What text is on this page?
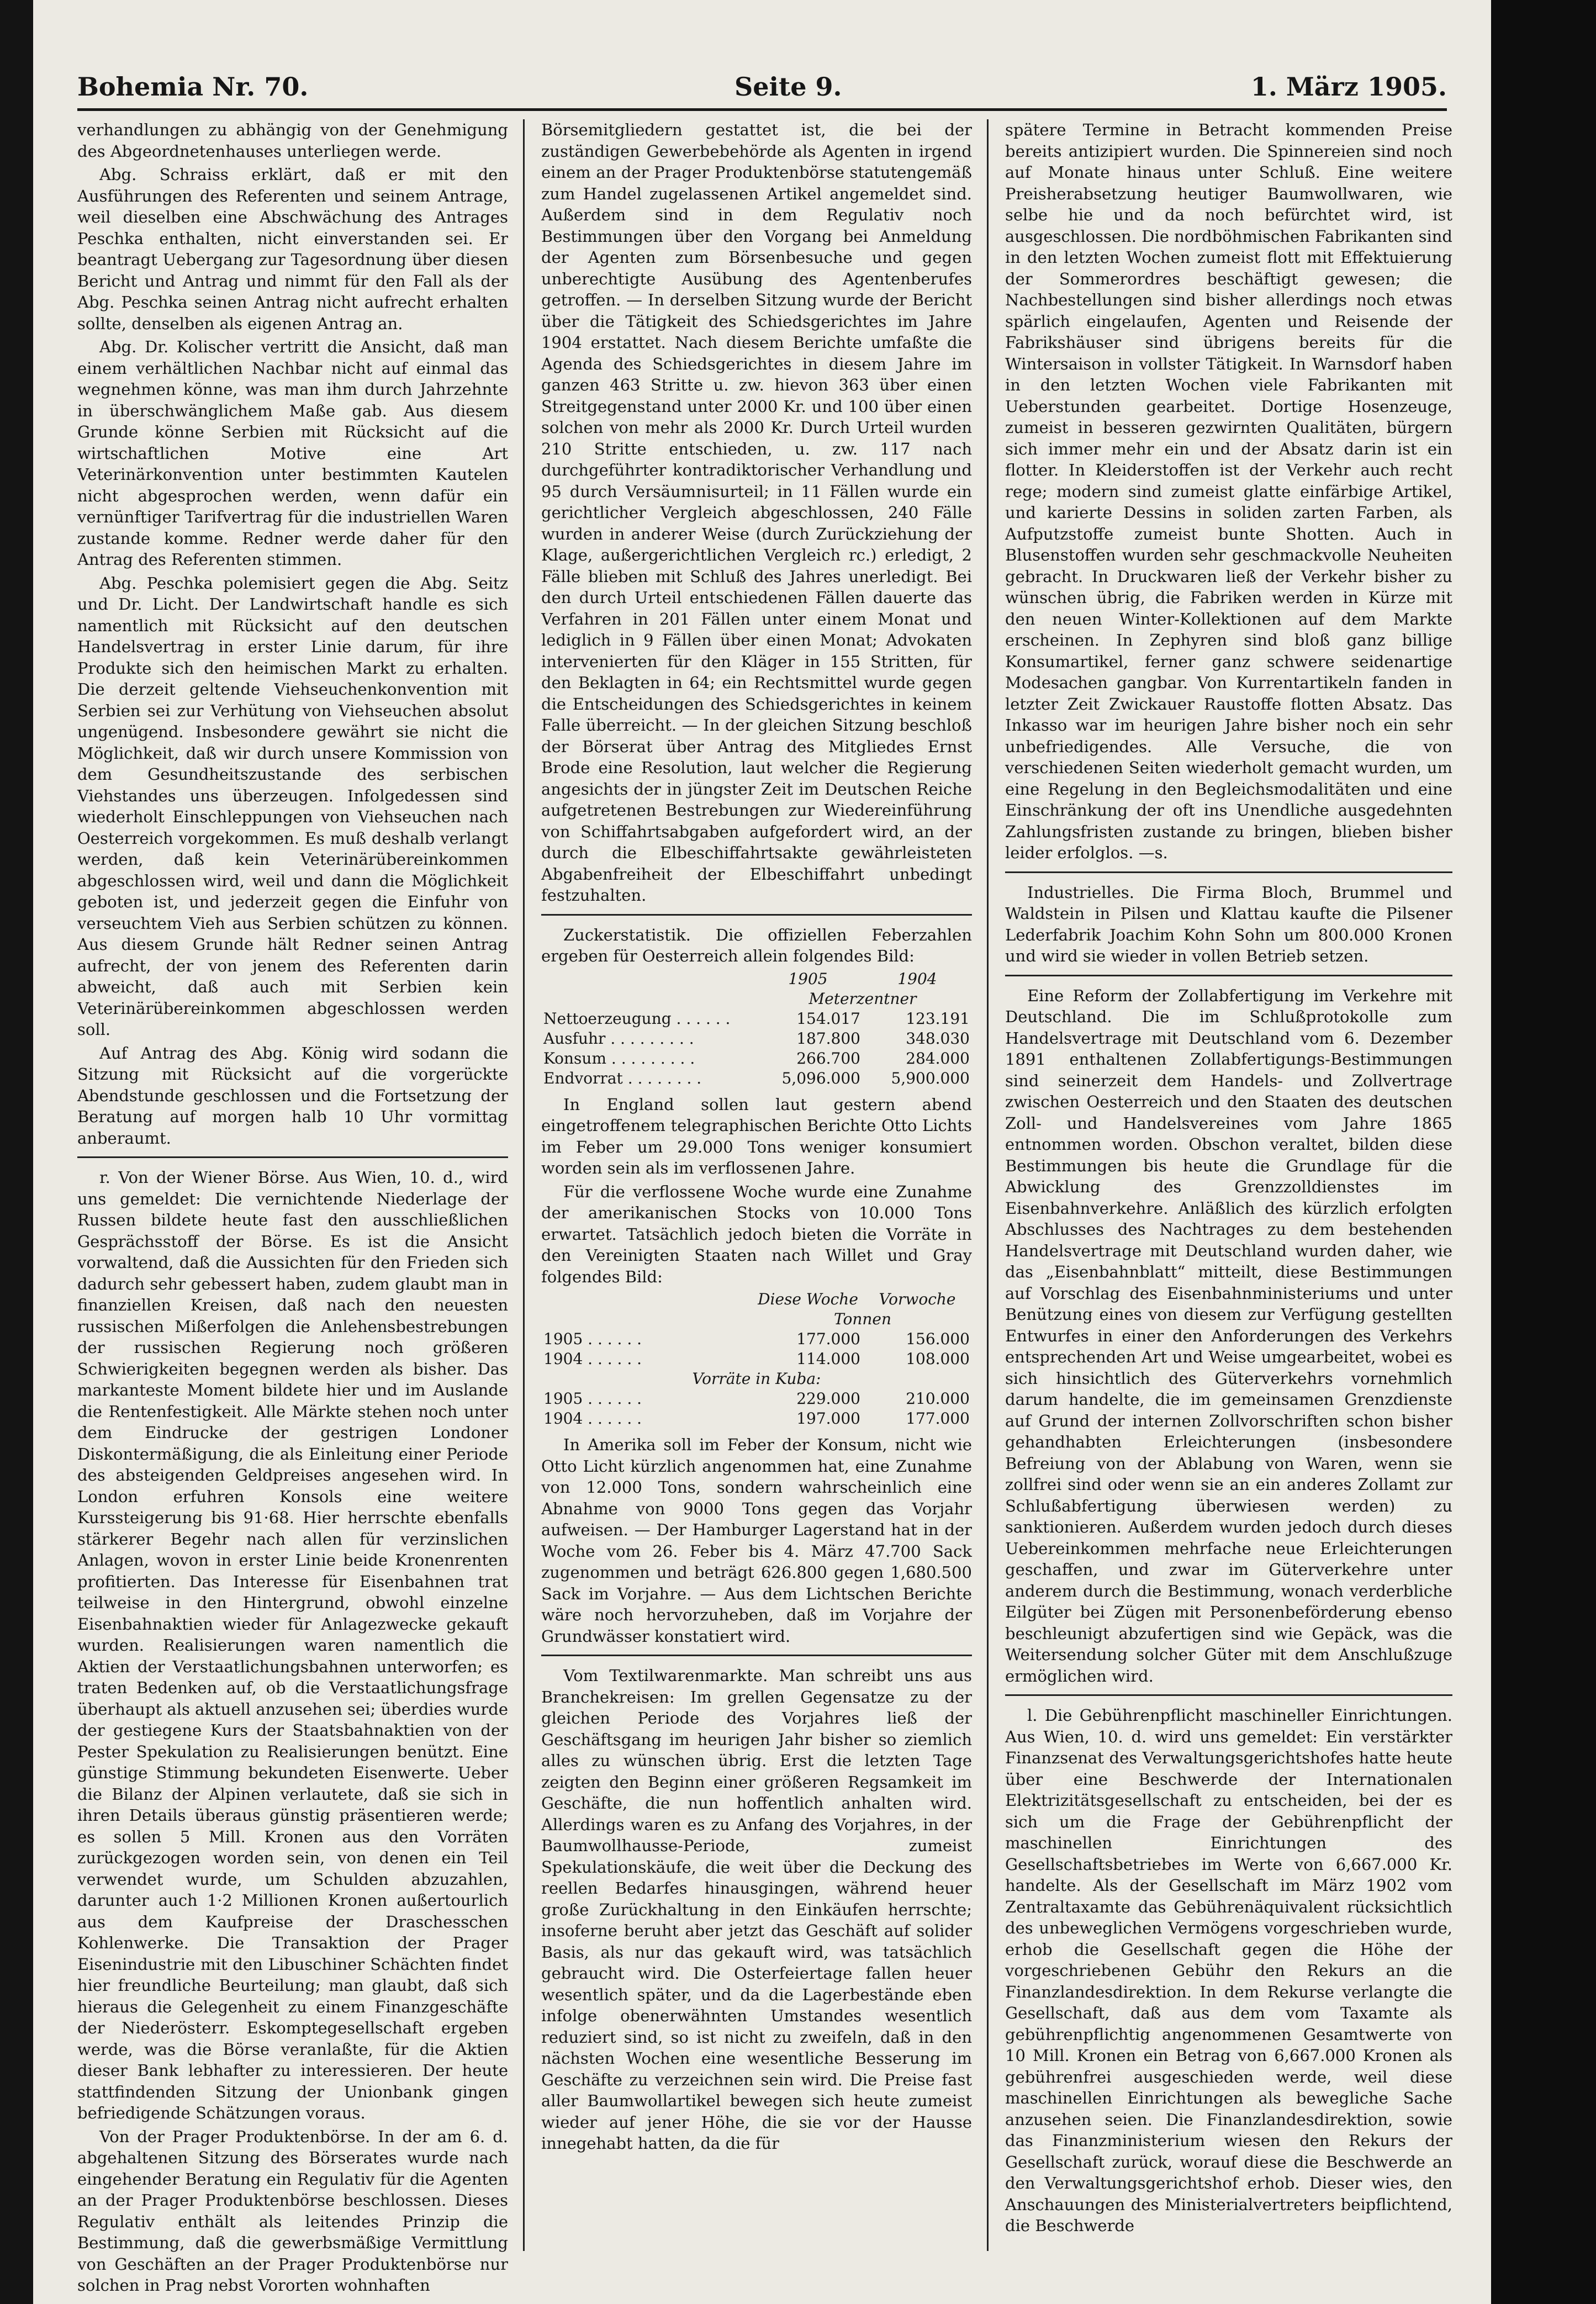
Bohemia Nr. 70.	Seite 9.	1. März 1905.

verhandlungen zu abhängig von der Genehmigung des Abgeordnetenhauses unterliegen werde.

Abg. Schraiss erklärt, daß er mit den Ausführungen des Referenten und seinem Antrage, weil dieselben eine Abschwächung des Antrages Peschka enthalten, nicht einverstanden sei. Er beantragt Uebergang zur Tagesordnung über diesen Bericht und Antrag und nimmt für den Fall als der Abg. Peschka seinen Antrag nicht aufrecht erhalten sollte, denselben als eigenen Antrag an.

Abg. Dr. Kolischer vertritt die Ansicht, daß man einem verhältlichen Nachbar nicht auf einmal das wegnehmen könne, was man ihm durch Jahrzehnte in überschwänglichem Maße gab. Aus diesem Grunde könne Serbien mit Rücksicht auf die wirtschaftlichen Motive eine Art Veterinärkonvention unter bestimmten Kautelen nicht abgesprochen werden, wenn dafür ein vernünftiger Tarifvertrag für die industriellen Waren zustande komme. Redner werde daher für den Antrag des Referenten stimmen.

Abg. Peschka polemisiert gegen die Abg. Seitz und Dr. Licht. Der Landwirtschaft handle es sich namentlich mit Rücksicht auf den deutschen Handelsvertrag in erster Linie darum, für ihre Produkte sich den heimischen Markt zu erhalten. Die derzeit geltende Viehseuchenkonvention mit Serbien sei zur Verhütung von Viehseuchen absolut ungenügend. Insbesondere gewährt sie nicht die Möglichkeit, daß wir durch unsere Kommission von dem Gesundheitszustande des serbischen Viehstandes uns überzeugen. Infolgedessen sind wiederholt Einschleppungen von Viehseuchen nach Oesterreich vorgekommen. Es muß deshalb verlangt werden, daß kein Veterinärübereinkommen abgeschlossen wird, weil und dann die Möglichkeit geboten ist, und jederzeit gegen die Einfuhr von verseuchtem Vieh aus Serbien schützen zu können. Aus diesem Grunde hält Redner seinen Antrag aufrecht, der von jenem des Referenten darin abweicht, daß auch mit Serbien kein Veterinärübereinkommen abgeschlossen werden soll.

Auf Antrag des Abg. König wird sodann die Sitzung mit Rücksicht auf die vorgerückte Abendstunde geschlossen und die Fortsetzung der Beratung auf morgen halb 10 Uhr vormittag anberaumt.

r. Von der Wiener Börse. Aus Wien, 10. d., wird uns gemeldet: Die vernichtende Niederlage der Russen bildete heute fast den ausschließlichen Gesprächsstoff der Börse. Es ist die Ansicht vorwaltend, daß die Aussichten für den Frieden sich dadurch sehr gebessert haben, zudem glaubt man in finanziellen Kreisen, daß nach den neuesten russischen Mißerfolgen die Anlehensbestrebungen der russischen Regierung noch größeren Schwierigkeiten begegnen werden als bisher. Das markanteste Moment bildete hier und im Auslande die Rentenfestigkeit. Alle Märkte stehen noch unter dem Eindrucke der gestrigen Londoner Diskontermäßigung, die als Einleitung einer Periode des absteigenden Geldpreises angesehen wird. In London erfuhren Konsols eine weitere Kurssteigerung bis 91·68. Hier herrschte ebenfalls stärkerer Begehr nach allen für verzinslichen Anlagen, wovon in erster Linie beide Kronenrenten profitierten. Das Interesse für Eisenbahnen trat teilweise in den Hintergrund, obwohl einzelne Eisenbahnaktien wieder für Anlagezwecke gekauft wurden. Realisierungen waren namentlich die Aktien der Verstaatlichungsbahnen unterworfen; es traten Bedenken auf, ob die Verstaatlichungsfrage überhaupt als aktuell anzusehen sei; überdies wurde der gestiegene Kurs der Staatsbahnaktien von der Pester Spekulation zu Realisierungen benützt. Eine günstige Stimmung bekundeten Eisenwerte. Ueber die Bilanz der Alpinen verlautete, daß sie sich in ihren Details überaus günstig präsentieren werde; es sollen 5 Mill. Kronen aus den Vorräten zurückgezogen worden sein, von denen ein Teil verwendet wurde, um Schulden abzuzahlen, darunter auch 1·2 Millionen Kronen außertourlich aus dem Kaufpreise der Draschesschen Kohlenwerke. Die Transaktion der Prager Eisenindustrie mit den Libuschiner Schächten findet hier freundliche Beurteilung; man glaubt, daß sich hieraus die Gelegenheit zu einem Finanzgeschäfte der Niederösterr. Eskomptegesellschaft ergeben werde, was die Börse veranlaßte, für die Aktien dieser Bank lebhafter zu interessieren. Der heute stattfindenden Sitzung der Unionbank gingen befriedigende Schätzungen voraus.

Von der Prager Produktenbörse. In der am 6. d. abgehaltenen Sitzung des Börserates wurde nach eingehender Beratung ein Regulativ für die Agenten an der Prager Produktenbörse beschlossen. Dieses Regulativ enthält als leitendes Prinzip die Bestimmung, daß die gewerbsmäßige Vermittlung von Geschäften an der Prager Produktenbörse nur solchen in Prag nebst Vororten wohnhaften

Börsemitgliedern gestattet ist, die bei der zuständigen Gewerbebehörde als Agenten in irgend einem an der Prager Produktenbörse statutengemäß zum Handel zugelassenen Artikel angemeldet sind. Außerdem sind in dem Regulativ noch Bestimmungen über den Vorgang bei Anmeldung der Agenten zum Börsenbesuche und gegen unberechtigte Ausübung des Agentenberufes getroffen. — In derselben Sitzung wurde der Bericht über die Tätigkeit des Schiedsgerichtes im Jahre 1904 erstattet. Nach diesem Berichte umfaßte die Agenda des Schiedsgerichtes in diesem Jahre im ganzen 463 Stritte u. zw. hievon 363 über einen Streitgegenstand unter 2000 Kr. und 100 über einen solchen von mehr als 2000 Kr. Durch Urteil wurden 210 Stritte entschieden, u. zw. 117 nach durchgeführter kontradiktorischer Verhandlung und 95 durch Versäumnisurteil; in 11 Fällen wurde ein gerichtlicher Vergleich abgeschlossen, 240 Fälle wurden in anderer Weise (durch Zurückziehung der Klage, außergerichtlichen Vergleich rc.) erledigt, 2 Fälle blieben mit Schluß des Jahres unerledigt. Bei den durch Urteil entschiedenen Fällen dauerte das Verfahren in 201 Fällen unter einem Monat und lediglich in 9 Fällen über einen Monat; Advokaten intervenierten für den Kläger in 155 Stritten, für den Beklagten in 64; ein Rechtsmittel wurde gegen die Entscheidungen des Schiedsgerichtes in keinem Falle überreicht. — In der gleichen Sitzung beschloß der Börserat über Antrag des Mitgliedes Ernst Brode eine Resolution, laut welcher die Regierung angesichts der in jüngster Zeit im Deutschen Reiche aufgetretenen Bestrebungen zur Wiedereinführung von Schiffahrtsabgaben aufgefordert wird, an der durch die Elbeschiffahrtsakte gewährleisteten Abgabenfreiheit der Elbeschiffahrt unbedingt festzuhalten.

Zuckerstatistik. Die offiziellen Feberzahlen ergeben für Oesterreich allein folgendes Bild:

	1905	1904
	Meterzentner	
Nettoerzeugung . . . . . .	154.017	123.191
Ausfuhr . . . . . . . . .	187.800	348.030
Konsum . . . . . . . . .	266.700	284.000
Endvorrat . . . . . . . .	5,096.000	5,900.000

In England sollen laut gestern abend eingetroffenem telegraphischen Berichte Otto Lichts im Feber um 29.000 Tons weniger konsumiert worden sein als im verflossenen Jahre.

Für die verflossene Woche wurde eine Zunahme der amerikanischen Stocks von 10.000 Tons erwartet. Tatsächlich jedoch bieten die Vorräte in den Vereinigten Staaten nach Willet und Gray folgendes Bild:

	Diese Woche	Vorwoche
	Tonnen	
1905 . . . . . .	177.000	156.000
1904 . . . . . .	114.000	108.000
Vorräte in Kuba:		
1905 . . . . . .	229.000	210.000
1904 . . . . . .	197.000	177.000

In Amerika soll im Feber der Konsum, nicht wie Otto Licht kürzlich angenommen hat, eine Zunahme von 12.000 Tons, sondern wahrscheinlich eine Abnahme von 9000 Tons gegen das Vorjahr aufweisen. — Der Hamburger Lagerstand hat in der Woche vom 26. Feber bis 4. März 47.700 Sack zugenommen und beträgt 626.800 gegen 1,680.500 Sack im Vorjahre. — Aus dem Lichtschen Berichte wäre noch hervorzuheben, daß im Vorjahre der Grundwässer konstatiert wird.

Vom Textilwarenmarkte. Man schreibt uns aus Branchekreisen: Im grellen Gegensatze zu der gleichen Periode des Vorjahres ließ der Geschäftsgang im heurigen Jahr bisher so ziemlich alles zu wünschen übrig. Erst die letzten Tage zeigten den Beginn einer größeren Regsamkeit im Geschäfte, die nun hoffentlich anhalten wird. Allerdings waren es zu Anfang des Vorjahres, in der Baumwollhausse-Periode, zumeist Spekulationskäufe, die weit über die Deckung des reellen Bedarfes hinausgingen, während heuer große Zurückhaltung in den Einkäufen herrschte; insoferne beruht aber jetzt das Geschäft auf solider Basis, als nur das gekauft wird, was tatsächlich gebraucht wird. Die Osterfeiertage fallen heuer wesentlich später, und da die Lagerbestände eben infolge obenerwähnten Umstandes wesentlich reduziert sind, so ist nicht zu zweifeln, daß in den nächsten Wochen eine wesentliche Besserung im Geschäfte zu verzeichnen sein wird. Die Preise fast aller Baumwollartikel bewegen sich heute zumeist wieder auf jener Höhe, die sie vor der Hausse innegehabt hatten, da die für

spätere Termine in Betracht kommenden Preise bereits antizipiert wurden. Die Spinnereien sind noch auf Monate hinaus unter Schluß. Eine weitere Preisherabsetzung heutiger Baumwollwaren, wie selbe hie und da noch befürchtet wird, ist ausgeschlossen. Die nordböhmischen Fabrikanten sind in den letzten Wochen zumeist flott mit Effektuierung der Sommerordres beschäftigt gewesen; die Nachbestellungen sind bisher allerdings noch etwas spärlich eingelaufen, Agenten und Reisende der Fabrikshäuser sind übrigens bereits für die Wintersaison in vollster Tätigkeit. In Warnsdorf haben in den letzten Wochen viele Fabrikanten mit Ueberstunden gearbeitet. Dortige Hosenzeuge, zumeist in besseren gezwirnten Qualitäten, bürgern sich immer mehr ein und der Absatz darin ist ein flotter. In Kleiderstoffen ist der Verkehr auch recht rege; modern sind zumeist glatte einfärbige Artikel, und karierte Dessins in soliden zarten Farben, als Aufputzstoffe zumeist bunte Shotten. Auch in Blusenstoffen wurden sehr geschmackvolle Neuheiten gebracht. In Druckwaren ließ der Verkehr bisher zu wünschen übrig, die Fabriken werden in Kürze mit den neuen Winter-Kollektionen auf dem Markte erscheinen. In Zephyren sind bloß ganz billige Konsumartikel, ferner ganz schwere seidenartige Modesachen gangbar. Von Kurrentartikeln fanden in letzter Zeit Zwickauer Raustoffe flotten Absatz. Das Inkasso war im heurigen Jahre bisher noch ein sehr unbefriedigendes. Alle Versuche, die von verschiedenen Seiten wiederholt gemacht wurden, um eine Regelung in den Begleichsmodalitäten und eine Einschränkung der oft ins Unendliche ausgedehnten Zahlungsfristen zustande zu bringen, blieben bisher leider erfolglos. —s.

Industrielles. Die Firma Bloch, Brummel und Waldstein in Pilsen und Klattau kaufte die Pilsener Lederfabrik Joachim Kohn Sohn um 800.000 Kronen und wird sie wieder in vollen Betrieb setzen.

Eine Reform der Zollabfertigung im Verkehre mit Deutschland. Die im Schlußprotokolle zum Handelsvertrage mit Deutschland vom 6. Dezember 1891 enthaltenen Zollabfertigungs-Bestimmungen sind seinerzeit dem Handels- und Zollvertrage zwischen Oesterreich und den Staaten des deutschen Zoll- und Handelsvereines vom Jahre 1865 entnommen worden. Obschon veraltet, bilden diese Bestimmungen bis heute die Grundlage für die Abwicklung des Grenzzolldienstes im Eisenbahnverkehre. Anläßlich des kürzlich erfolgten Abschlusses des Nachtrages zu dem bestehenden Handelsvertrage mit Deutschland wurden daher, wie das „Eisenbahnblatt“ mitteilt, diese Bestimmungen auf Vorschlag des Eisenbahnministeriums und unter Benützung eines von diesem zur Verfügung gestellten Entwurfes in einer den Anforderungen des Verkehrs entsprechenden Art und Weise umgearbeitet, wobei es sich hinsichtlich des Güterverkehrs vornehmlich darum handelte, die im gemeinsamen Grenzdienste auf Grund der internen Zollvorschriften schon bisher gehandhabten Erleichterungen (insbesondere Befreiung von der Ablabung von Waren, wenn sie zollfrei sind oder wenn sie an ein anderes Zollamt zur Schlußabfertigung überwiesen werden) zu sanktionieren. Außerdem wurden jedoch durch dieses Uebereinkommen mehrfache neue Erleichterungen geschaffen, und zwar im Güterverkehre unter anderem durch die Bestimmung, wonach verderbliche Eilgüter bei Zügen mit Personenbeförderung ebenso beschleunigt abzufertigen sind wie Gepäck, was die Weitersendung solcher Güter mit dem Anschlußzuge ermöglichen wird.

l. Die Gebührenpflicht maschineller Einrichtungen. Aus Wien, 10. d. wird uns gemeldet: Ein verstärkter Finanzsenat des Verwaltungsgerichtshofes hatte heute über eine Beschwerde der Internationalen Elektrizitätsgesellschaft zu entscheiden, bei der es sich um die Frage der Gebührenpflicht der maschinellen Einrichtungen des Gesellschaftsbetriebes im Werte von 6,667.000 Kr. handelte. Als der Gesellschaft im März 1902 vom Zentraltaxamte das Gebührenäquivalent rücksichtlich des unbeweglichen Vermögens vorgeschrieben wurde, erhob die Gesellschaft gegen die Höhe der vorgeschriebenen Gebühr den Rekurs an die Finanzlandesdirektion. In dem Rekurse verlangte die Gesellschaft, daß aus dem vom Taxamte als gebührenpflichtig angenommenen Gesamtwerte von 10 Mill. Kronen ein Betrag von 6,667.000 Kronen als gebührenfrei ausgeschieden werde, weil diese maschinellen Einrichtungen als bewegliche Sache anzusehen seien. Die Finanzlandesdirektion, sowie das Finanzministerium wiesen den Rekurs der Gesellschaft zurück, worauf diese die Beschwerde an den Verwaltungsgerichtshof erhob. Dieser wies, den Anschauungen des Ministerialvertreters beipflichtend, die Beschwerde
